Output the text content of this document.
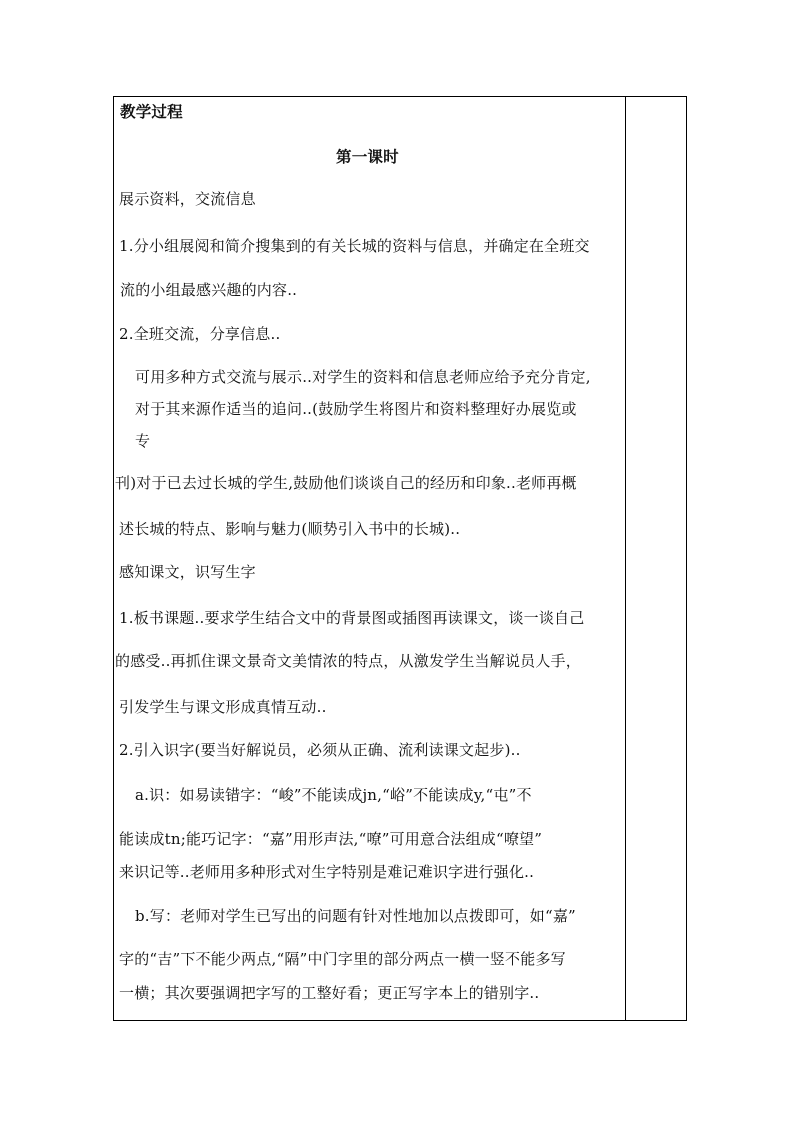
教学过程
第一课时
展示资料，交流信息
1.分小组展阅和简介搜集到的有关长城的资料与信息，并确定在全班交
流的小组最感兴趣的内容..
2.全班交流，分享信息..
可用多种方式交流与展示..对学生的资料和信息老师应给予充分肯定,
对于其来源作适当的追问..(鼓励学生将图片和资料整理好办展览或
专
刊)对于已去过长城的学生,鼓励他们谈谈自己的经历和印象..老师再概
述长城的特点、影响与魅力(顺势引入书中的长城)..
感知课文，识写生字
1.板书课题..要求学生结合文中的背景图或插图再读课文，谈一谈自己
的感受..再抓住课文景奇文美情浓的特点，从激发学生当解说员人手，
引发学生与课文形成真情互动..
2.引入识字(要当好解说员，必须从正确、流利读课文起步)..
a.识：如易读错字：“峻”不能读成jn,“峪”不能读成y,“屯”不
能读成tn;能巧记字：“嘉”用形声法,“嘹”可用意合法组成“嘹望”
来识记等..老师用多种形式对生字特别是难记难识字进行强化..
b.写：老师对学生已写出的问题有针对性地加以点拨即可，如“嘉”
字的“吉”下不能少两点,“隔”中门字里的部分两点一横一竖不能多写
一横；其次要强调把字写的工整好看；更正写字本上的错别字..
